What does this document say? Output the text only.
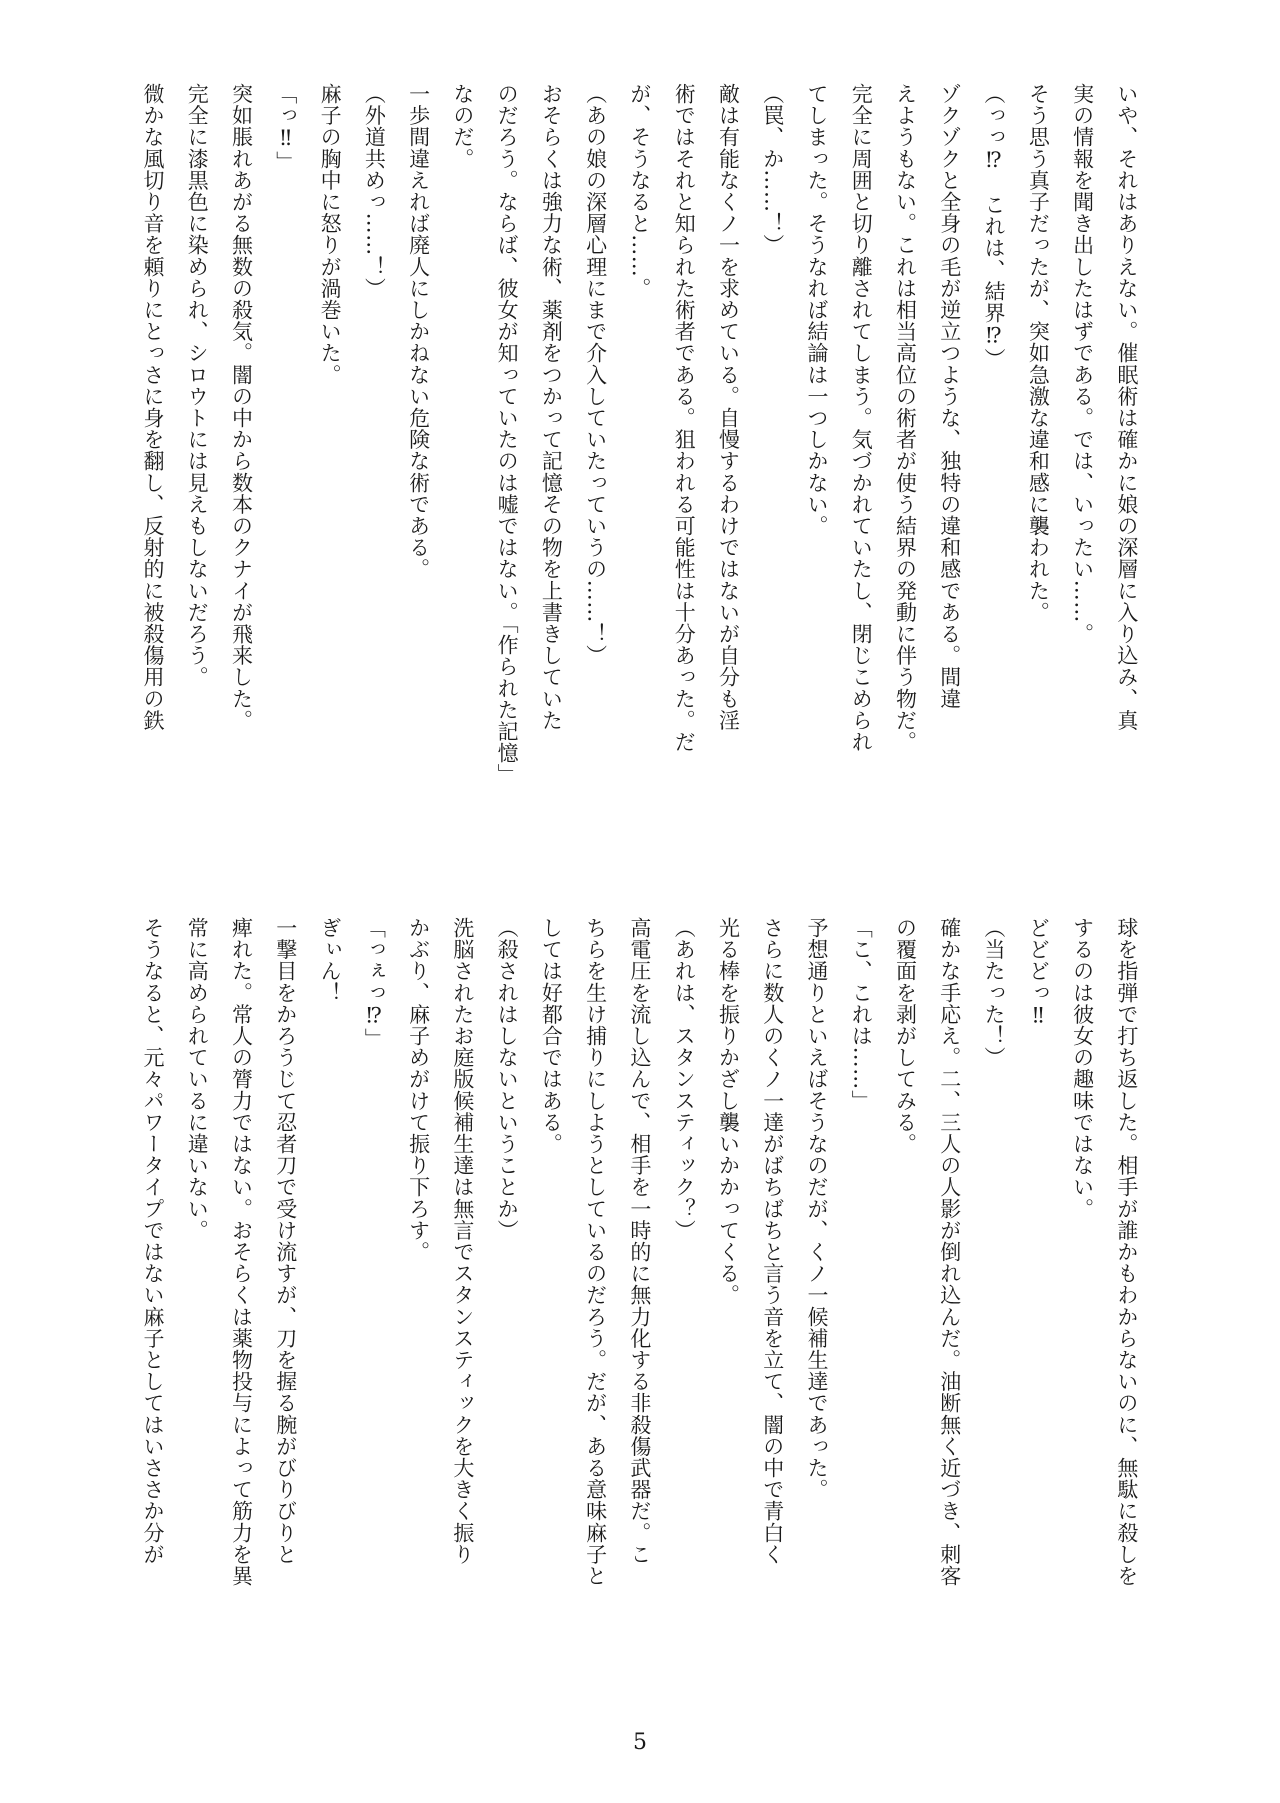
いや、それはありえない。催眠術は確かに娘の深層に入り込み、真
実の情報を聞き出したはずである。では、いったい……。
そう思う真子だったが、突如急激な違和感に襲われた。
（っっ⁉　これは、結界⁉）
ゾクゾクと全身の毛が逆立つような、独特の違和感である。間違
えようもない。これは相当高位の術者が使う結界の発動に伴う物だ。
完全に周囲と切り離されてしまう。気づかれていたし、閉じこめられ
てしまった。そうなれば結論は一つしかない。
（罠、か……！）
敵は有能なくノ一を求めている。自慢するわけではないが自分も淫
術ではそれと知られた術者である。狙われる可能性は十分あった。だ
が、そうなると……。
（あの娘の深層心理にまで介入していたっていうの……！）
おそらくは強力な術、薬剤をつかって記憶その物を上書きしていた
のだろう。ならば、彼女が知っていたのは嘘ではない。「作られた記憶」
なのだ。
一歩間違えれば廃人にしかねない危険な術である。
（外道共めっ……！）
麻子の胸中に怒りが渦巻いた。
「っ‼」
突如脹れあがる無数の殺気。闇の中から数本のクナイが飛来した。
完全に漆黒色に染められ、シロウトには見えもしないだろう。
微かな風切り音を頼りにとっさに身を翻し、反射的に被殺傷用の鉄
球を指弾で打ち返した。相手が誰かもわからないのに、無駄に殺しを
するのは彼女の趣味ではない。
どどどっ‼
（当たった！）
確かな手応え。二、三人の人影が倒れ込んだ。油断無く近づき、刺客
の覆面を剥がしてみる。
「こ、これは……」
予想通りといえばそうなのだが、くノ一候補生達であった。
さらに数人のくノ一達がばちばちと言う音を立て、闇の中で青白く
光る棒を振りかざし襲いかかってくる。
（あれは、スタンスティック？）
高電圧を流し込んで、相手を一時的に無力化する非殺傷武器だ。こ
ちらを生け捕りにしようとしているのだろう。だが、ある意味麻子と
しては好都合ではある。
（殺されはしないということか）
洗脳されたお庭版候補生達は無言でスタンスティックを大きく振り
かぶり、麻子めがけて振り下ろす。
「っぇっ⁉」
ぎぃん！
一撃目をかろうじて忍者刀で受け流すが、刀を握る腕がびりびりと
痺れた。常人の膂力ではない。おそらくは薬物投与によって筋力を異
常に高められているに違いない。
そうなると、元々パワータイプではない麻子としてはいささか分が
5
